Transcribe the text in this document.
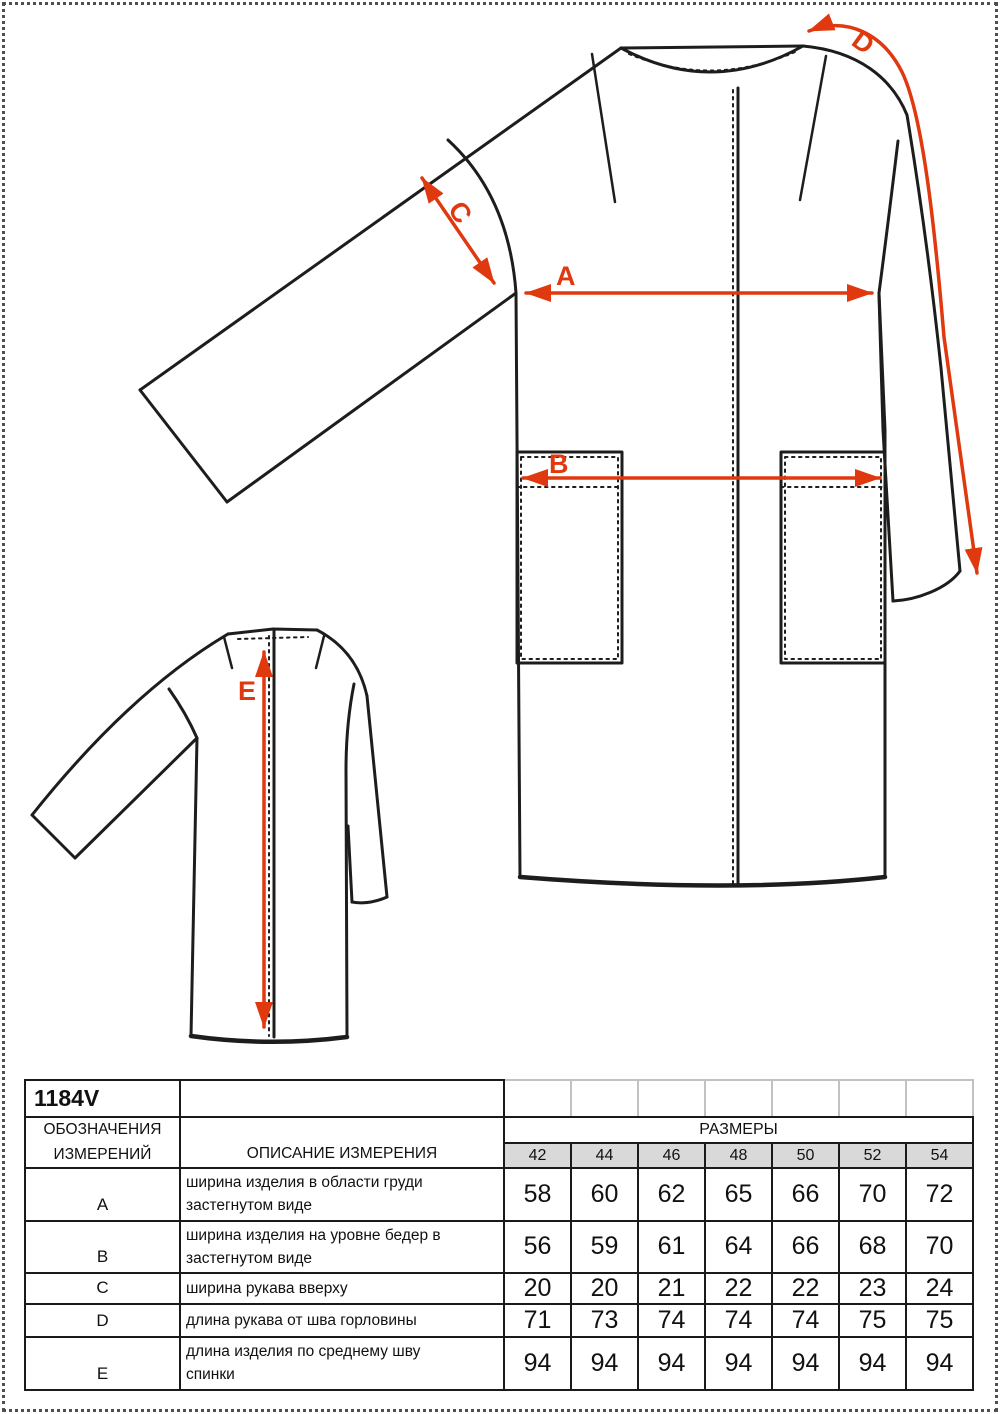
A
B
C
D
E
1184V								
ОБОЗНАЧЕНИЯ
ИЗМЕРЕНИЙ	ОПИСАНИЕ ИЗМЕРЕНИЯ	РАЗМЕРЫ						
		42	44	46	48	50	52	54
A	ширина изделия в области груди
застегнутом виде	58	60	62	65	66	70	72
B	ширина изделия на уровне бедер в
застегнутом виде	56	59	61	64	66	68	70
C	ширина рукава вверху	20	20	21	22	22	23	24
D	длина рукава от шва горловины	71	73	74	74	74	75	75
E	длина изделия по среднему шву
спинки	94	94	94	94	94	94	94
